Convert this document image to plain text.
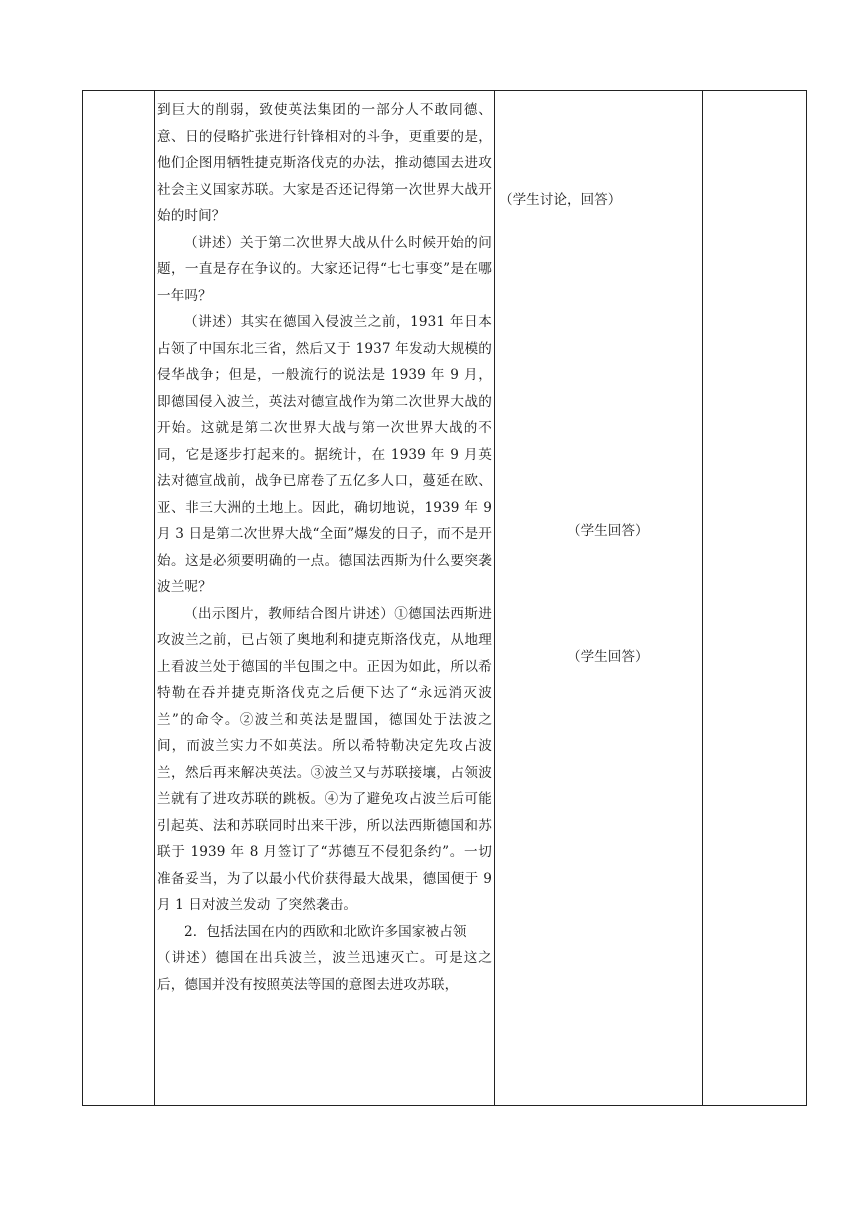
到巨大的削弱，致使英法集团的一部分人不敢同德、意、日的侵略扩张进行针锋相对的斗争，更重要的是，他们企图用牺牲捷克斯洛伐克的办法，推动德国去进攻社会主义国家苏联。大家是否还记得第一次世界大战开始的时间？

（讲述）关于第二次世界大战从什么时候开始的问题，一直是存在争议的。大家还记得“七七事变”是在哪一年吗？

（讲述）其实在德国入侵波兰之前，1931 年日本占领了中国东北三省，然后又于 1937 年发动大规模的侵华战争；但是，一般流行的说法是 1939 年 9 月，即德国侵入波兰，英法对德宣战作为第二次世界大战的开始。这就是第二次世界大战与第一次世界大战的不同，它是逐步打起来的。据统计，在 1939 年 9 月英法对德宣战前，战争已席卷了五亿多人口，蔓延在欧、亚、非三大洲的土地上。因此，确切地说，1939 年 9 月 3 日是第二次世界大战“全面”爆发的日子，而不是开始。这是必须要明确的一点。德国法西斯为什么要突袭波兰呢？

（出示图片，教师结合图片讲述）①德国法西斯进攻波兰之前，已占领了奥地利和捷克斯洛伐克，从地理上看波兰处于德国的半包围之中。正因为如此，所以希特勒在吞并捷克斯洛伐克之后便下达了“永远消灭波兰”的命令。②波兰和英法是盟国，德国处于法波之间，而波兰实力不如英法。所以希特勒决定先攻占波兰，然后再来解决英法。③波兰又与苏联接壤，占领波兰就有了进攻苏联的跳板。④为了避免攻占波兰后可能引起英、法和苏联同时出来干涉，所以法西斯德国和苏联于 1939 年 8 月签订了“苏德互不侵犯条约”。一切准备妥当，为了以最小代价获得最大战果，德国便于 9 月 1 日对波兰发动 了突然袭击。

2．包括法国在内的西欧和北欧许多国家被占领

（讲述）德国在出兵波兰，波兰迅速灭亡。可是这之后，德国并没有按照英法等国的意图去进攻苏联，

（学生讨论，回答）
（学生回答）
（学生回答）
